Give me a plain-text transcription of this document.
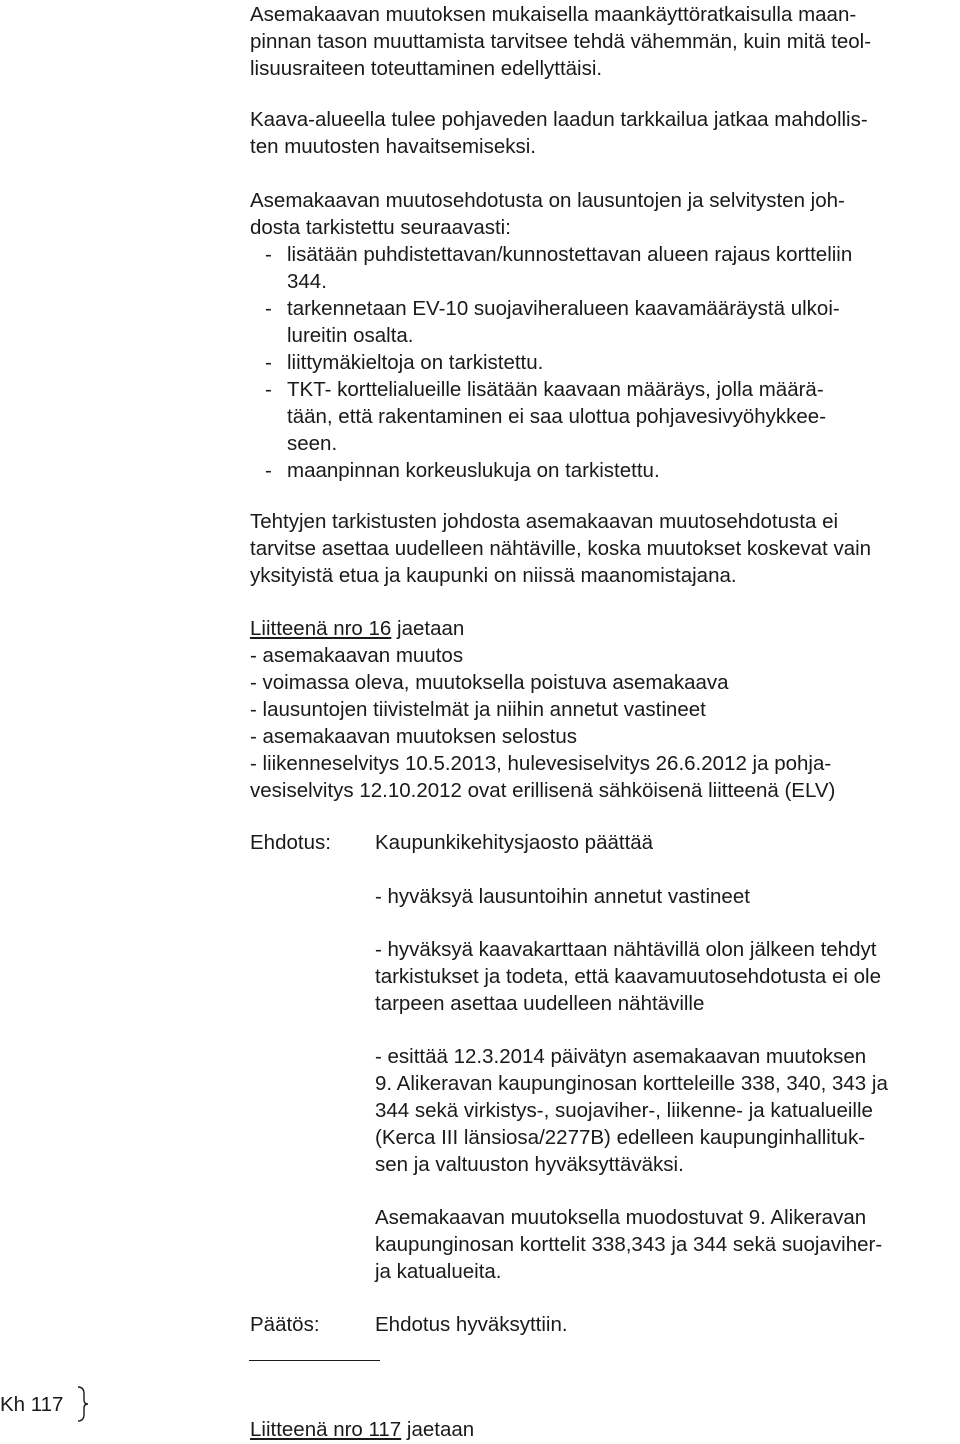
Asemakaavan muutoksen mukaisella maankäyttöratkaisulla maan-
pinnan tason muuttamista tarvitsee tehdä vähemmän, kuin mitä teol-
lisuusraiteen toteuttaminen edellyttäisi.
Kaava-alueella tulee pohjaveden laadun tarkkailua jatkaa mahdollis-
ten muutosten havaitsemiseksi.
Asemakaavan muutosehdotusta on lausuntojen ja selvitysten joh-
dosta tarkistettu seuraavasti:
- lisätään puhdistettavan/kunnostettavan alueen rajaus kortteliin
344.
- tarkennetaan EV-10 suojaviheralueen kaavamääräystä ulkoi-
lureitin osalta.
- liittymäkieltoja on tarkistettu.
- TKT- korttelialueille lisätään kaavaan määräys, jolla määrä-
tään, että rakentaminen ei saa ulottua pohjavesivyöhykkee-
seen.
- maanpinnan korkeuslukuja on tarkistettu.
Tehtyjen tarkistusten johdosta asemakaavan muutosehdotusta ei
tarvitse asettaa uudelleen nähtäville, koska muutokset koskevat vain
yksityistä etua ja kaupunki on niissä maanomistajana.
Liitteenä nro 16 jaetaan
- asemakaavan muutos
- voimassa oleva, muutoksella poistuva asemakaava
- lausuntojen tiivistelmät ja niihin annetut vastineet
- asemakaavan muutoksen selostus
- liikenneselvitys 10.5.2013, hulevesiselvitys 26.6.2012 ja pohja-
vesiselvitys 12.10.2012 ovat erillisenä sähköisenä liitteenä (ELV)
Ehdotus: Kaupunkikehitysjaosto päättää
- hyväksyä lausuntoihin annetut vastineet
- hyväksyä kaavakarttaan nähtävillä olon jälkeen tehdyt
tarkistukset ja todeta, että kaavamuutosehdotusta ei ole
tarpeen asettaa uudelleen nähtäville
- esittää 12.3.2014 päivätyn asemakaavan muutoksen
9. Alikeravan kaupunginosan kortteleille 338, 340, 343 ja
344 sekä virkistys-, suojaviher-, liikenne- ja katualueille
(Kerca III länsiosa/2277B) edelleen kaupunginhallituk-
sen ja valtuuston hyväksyttäväksi.
Asemakaavan muutoksella muodostuvat 9. Alikeravan
kaupunginosan korttelit 338,343 ja 344 sekä suojaviher-
ja katualueita.
Päätös:	Ehdotus hyväksyttiin.
Kh 117
Liitteenä nro 117 jaetaan
